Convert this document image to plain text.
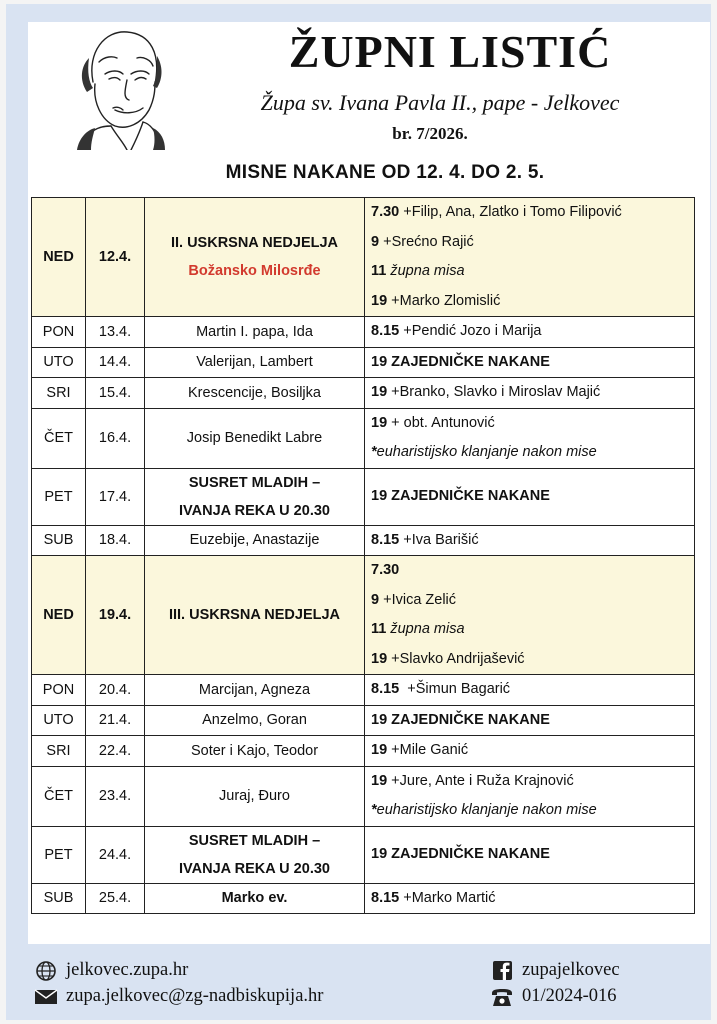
ŽUPNI LISTIĆ

Župa sv. Ivana Pavla II., pape - Jelkovec

br. 7/2026.

MISNE NAKANE OD 12. 4. DO 2. 5.
NED	12.4.	II. USKRSNA NEDJELJA
Božansko Milosrđe	7.30 +Filip, Ana, Zlatko i Tomo Filipović
9 +Srećno Rajić
11 župna misa
19 +Marko Zlomislić

PON	13.4.	Martin I. papa, Ida	8.15 +Pendić Jozo i Marija

UTO	14.4.	Valerijan, Lambert	19 ZAJEDNIČKE NAKANE

SRI	15.4.	Krescencije, Bosiljka	19 +Branko, Slavko i Miroslav Majić

ČET	16.4.	Josip Benedikt Labre	19 + obt. Antunović
*euharistijsko klanjanje nakon mise

PET	17.4.	SUSRET MLADIH –
IVANJA REKA U 20.30	19 ZAJEDNIČKE NAKANE

SUB	18.4.	Euzebije, Anastazije	8.15 +Iva Barišić

NED	19.4.	III. USKRSNA NEDJELJA	7.30
9 +Ivica Zelić
11 župna misa
19 +Slavko Andrijašević

PON	20.4.	Marcijan, Agneza	8.15  +Šimun Bagarić

UTO	21.4.	Anzelmo, Goran	19 ZAJEDNIČKE NAKANE

SRI	22.4.	Soter i Kajo, Teodor	19 +Mile Ganić

ČET	23.4.	Juraj, Đuro	19 +Jure, Ante i Ruža Krajnović
*euharistijsko klanjanje nakon mise

PET	24.4.	SUSRET MLADIH –
IVANJA REKA U 20.30	19 ZAJEDNIČKE NAKANE

SUB	25.4.	Marko ev.	8.15 +Marko Martić
jelkovec.zupa.hr
zupa.jelkovec@zg-nadbiskupija.hr
zupajelkovec
01/2024-016
